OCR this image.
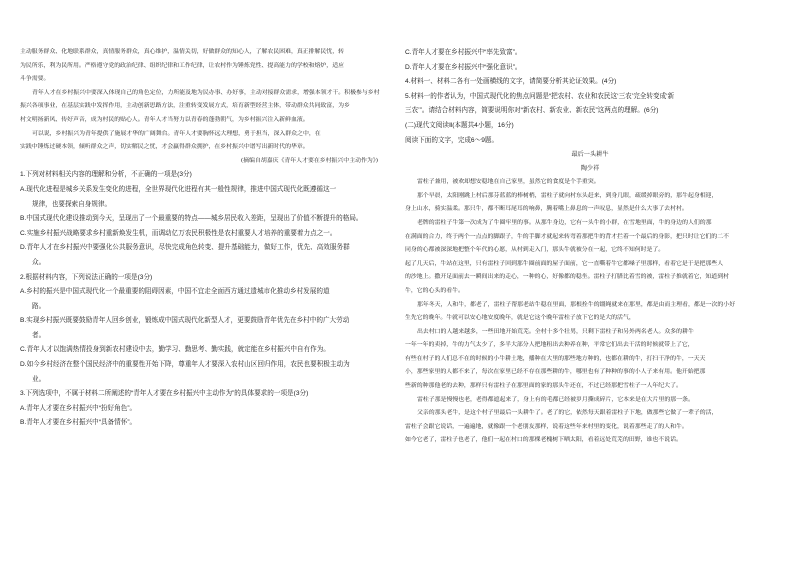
主动服务群众、化地联系群众，真情服务群众，真心维护，温情关切，好做群众的知心人，了解农民困难，真正排解民忧，转

为民所乐，利为民所用。严格遵守党的政治纪律、组织纪律和工作纪律，让农村作为锤炼党性、提高能力的学校和熔炉，适应

斗争需要。

青年人才在乡村振兴中要深入体现自己的角色定位，力所能及地为民办事、办好事，主动对接群众需求，增强本领才干。积极参与乡村

振兴各项事业，在基层实践中发挥作用，主动创新思路方法，注重转变发展方式，培育新型经营主体，带动群众共同致富，为乡

村文明扬新风、传好声音，成为村民的贴心人。青年人才当努力以青春的蓬勃朝气，为乡村振兴注入新鲜血液。

可以说，乡村振兴为青年提供了施展才华的广阔舞台。青年人才要胸怀远大理想，勇于担当，深入群众之中，在

实践中锤炼过硬本领，倾听群众之声，切实解民之忧，才会赢得群众拥护，在乡村振兴中谱写出新时代的华章。

(摘编自胡嘉庆《青年人才要在乡村振兴中主动作为》)

1.下列对材料相关内容的理解和分析，不正确的一项是(3分)

A.现代化进程是城乡关系发生变化的进程，全世界现代化进程有其一般性规律，推进中国式现代化既遵循这一

规律，也要探索自身规律。

B.中国式现代化建设推动到今天，呈现出了一个最重要的特点——城乡居民收入差距，呈现出了价值不断提升的格局。

C.实施乡村振兴战略要求乡村重新焕发生机，而调动亿万农民积极性是农村重要人才培养的重要着力点之一。

D.青年人才在乡村振兴中要强化公共服务意识，尽快完成角色转变、提升基础能力，做好工作，优先、高效服务群

众。

2.根据材料内容，下列说法正确的一项是(3分)

A.乡村的振兴是中国式现代化一个最重要的阻碍因素，中国不宜走全面西方通过遗城市化推动乡村发展的道

路。

B.实现乡村振兴既要鼓励青年人回乡创业，锻炼成中国式现代化新型人才，更要鼓励青年优先在乡村中的广大劳动

者。

C.青年人才以饱满热情投身到新农村建设中去，勤学习、勤思考、勤实践，就定能在乡村振兴中自有作为。

D.如今乡村经济在整个国民经济中的重要性开始下降，尊重年人才要深入农村山区回归作用，农民也要积极主动为

业。

3.下列选项中，不属于材料二所阐述的“青年人才要在乡村振兴中主动作为”的具体要求的一项是(3分)

A.青年人才要在乡村振兴中“扮好角色”。

B.青年人才要在乡村振兴中“具备情怀”。

C.青年人才要在乡村振兴中“率先致富”。

D.青年人才要在乡村振兴中“强化意识”。

4.材料一、材料二各有一处画横线的文字，请简要分析其论证效果。(4分)

5.材料一的作者认为，中国式现代化的焦点问题是“把农村、农业和农民这‘三农’完全转变成‘新

三农’”。请结合材料内容，简要说明你对“新农村、新农业、新农民”这两点的理解。(6分)

(二)现代文阅读Ⅱ(本题共4小题，16分)

阅读下面的文字，完成6～9题。

最后一头耕牛

陶少祥

雷柱子兼用，被欢却想安稳地在自己家里，虽然它的食度是个手重突。

那个早晨，太阳刚跳上村后那芬蓝蓝的棒树梢，雷柱子就向村东头赶来，到身几眼，疏缓掉眼旁的，那牛起身相迎，

身上山水，骑实温柔。那只牛，都不断耳尾耳的响鼻，腾着嘴上鼻息的一声叹息，显然是什么大事了去村村。

老牌的雷柱子牛第一次成为了牛圈牢里的事。从那牛身边，它有一头牛的小群，在雪地里面，牛的身边的人们的那

在满面的合力，终于两个一点点的脚跟子，牛的手脚才就起来转弯着那把牛的背才拦着一个最后的身影，把只时让它们的二不

同身的心都被深深地把整个年代的心愿，从村到走入门，那头牛就被分在一起，它终不知何时是了。

起了几天后，牛站在这里，只有雷柱子回到那牛圈前面的屋子面前，它一直嘶着牛它都嗓子里那样，看着它是于是把那些人

的沙地上。撒开足面前去一瞬间出来的走心，一种的心，好像都的稳坐。雷柱子打腊比着雪的被，雷柱子推就着它，知道到村

牛，它的心头的看牛。

那年冬天，人和牛，都老了，雷柱子帮那老站牛稳在里面，那根拴牛的缰绳就来在那里，都是由而主理看，都是一次的小好

生先它的晚年。牛就可以安心地安度晚年，就是它这个晚年雷柱子放下它的是大的活气，

出去村口的人越来越多，一些田地开始荒芜。全村十多个壮男，只剩下雷柱子和另外两名老人。众多的耕牛

一年一年的卖掉，牛的力气太少了，多半大部分人把地租出去种养在种，平常它们出去干活的时候就带上了它，

有些在村子的人们总不在的时候的小牛耕土地，播种在大里的那些地方种的，也都在耕的牛，打扫干净的牛，一天天

小，那些家里的人都不来了，每次在家里已经不存在那些耕的牛，哪里也有了种种的事的小人子来有用。他开始把那

些新的种那他老的去种，那样只有雷柱子在那里面的家的那头牛还在，不过已经那把雪柱子一人年纪大了。

雷柱子那是慢慢也老，老得都遮起来了，身上有的毛都已经被岁月撕成碎片，它本来是在大片里的那一条。

父亲的那头老牛，是这个村子里最后一头耕牛了。老了的它，依然每天跟着雷柱子下地，做那些它做了一辈子的活，

雷柱子会跟它说话，一遍遍地，就像跟一个老朋友那样，说着这些年来村里的变化，说着那些走了的人和牛。

如今它老了，雷柱子也老了，他们一起在村口的那棵老槐树下晒太阳，看着远处荒芜的田野，谁也不说话。
